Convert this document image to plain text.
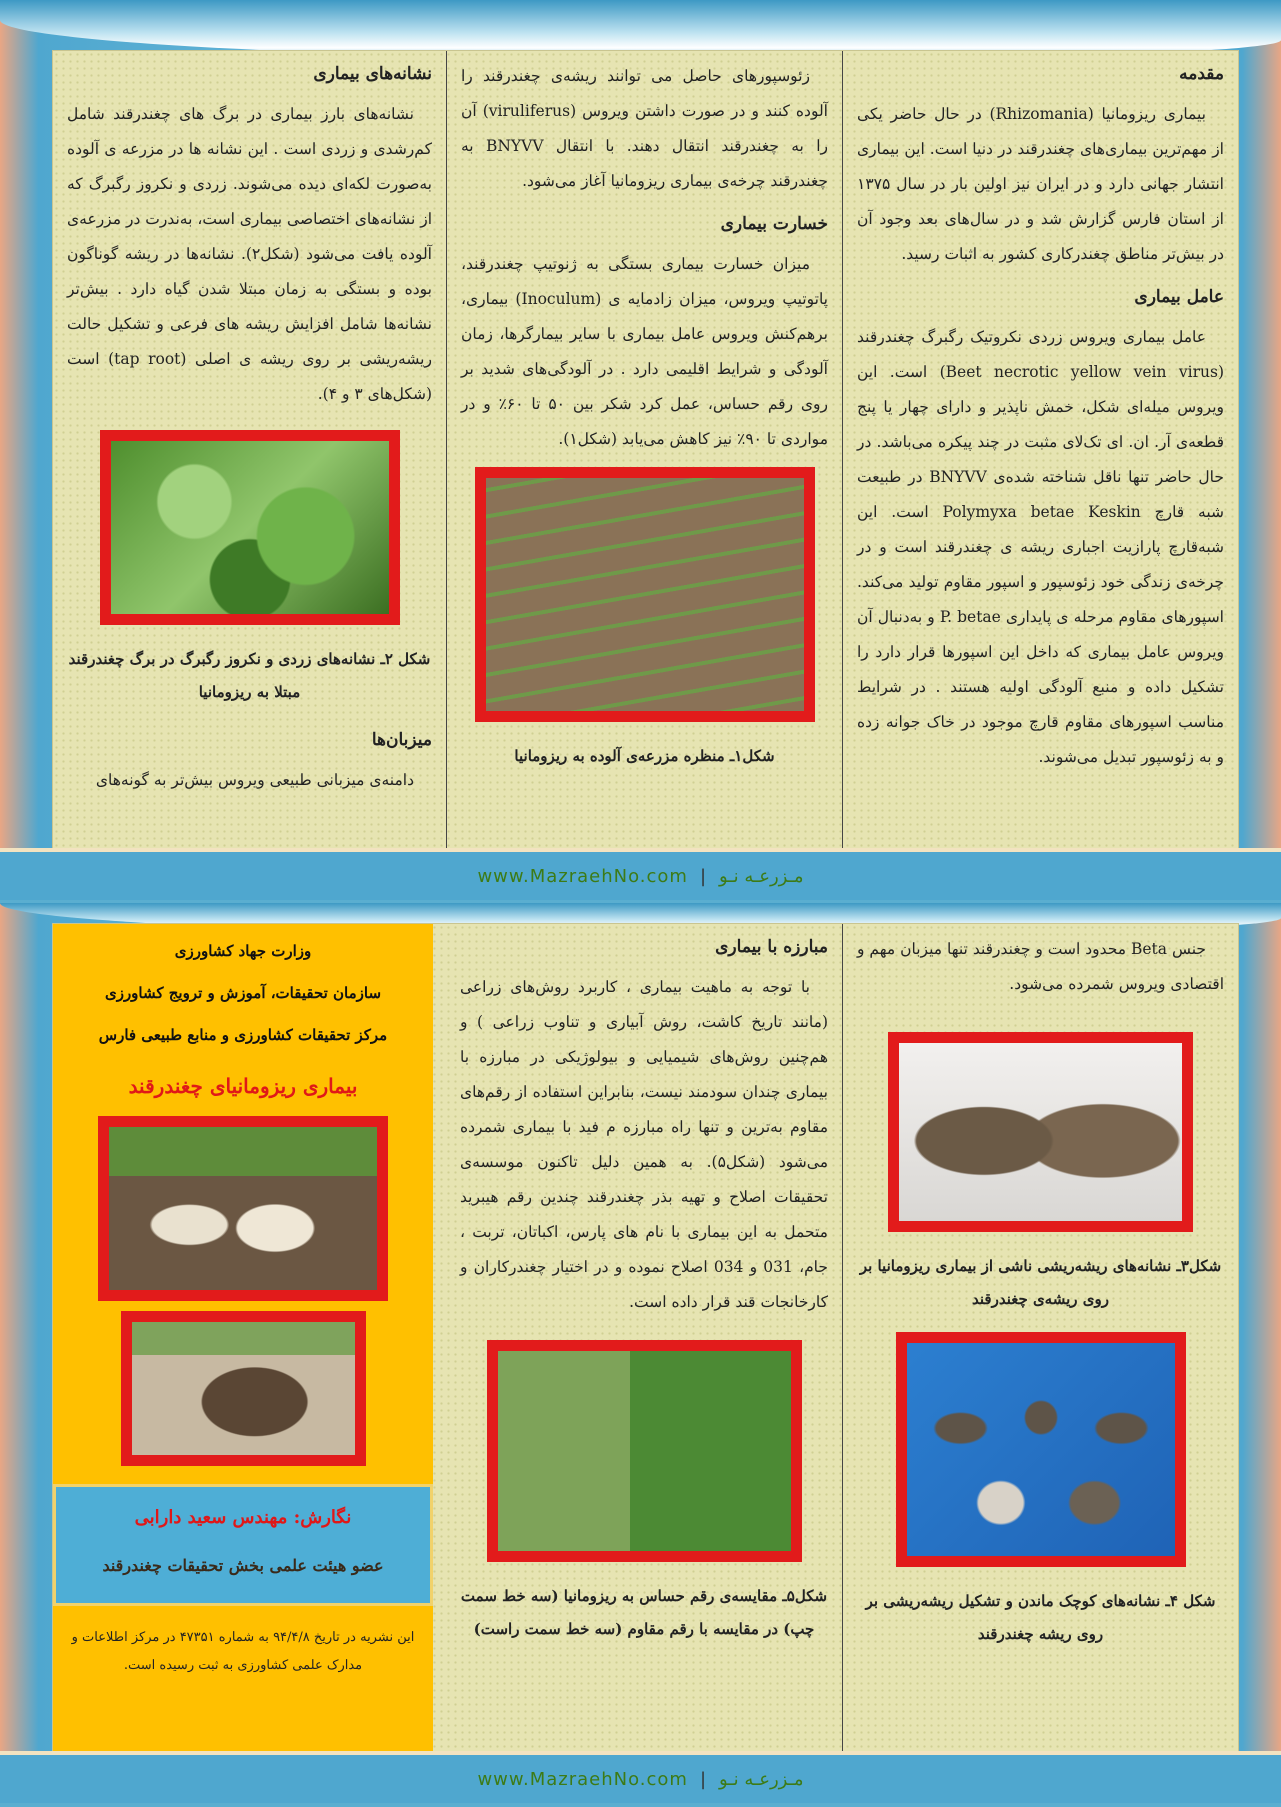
مقدمه

بیماری ریزومانیا (Rhizomania) در حال حاضر یکی از مهم‌ترین بیماری‌های چغندرقند در دنیا است. این بیماری انتشار جهانی دارد و در ایران نیز اولین بار در سال ۱۳۷۵ از استان فارس گزارش شد و در سال‌های بعد وجود آن در بیش‌تر مناطق چغندرکاری کشور به اثبات رسید.

عامل بیماری

عامل بیماری ویروس زردی نکروتیک رگبرگ چغندرقند (Beet necrotic yellow vein virus) است. این ویروس میله‌ای شکل، خمش ناپذیر و دارای چهار یا پنج قطعه‌ی آر. ان. ای تک‌لای مثبت در چند پیکره می‌باشد. در حال حاضر تنها ناقل شناخته شده‌ی BNYVV در طبیعت شبه قارچ Polymyxa betae Keskin است. این شبه‌قارچ پارازیت اجباری ریشه ی چغندرقند است و در چرخه‌ی زندگی خود زئوسپور و اسپور مقاوم تولید می‌کند. اسپورهای مقاوم مرحله ی پایداری P. betae و به‌دنبال آن ویروس عامل بیماری که داخل این اسپورها قرار دارد را تشکیل داده و منبع آلودگی اولیه هستند . در شرایط مناسب اسپورهای مقاوم قارچ موجود در خاک جوانه زده و به زئوسپور تبدیل می‌شوند.

زئوسپورهای حاصل می توانند ریشه‌ی چغندرقند را آلوده کنند و در صورت داشتن ویروس (viruliferus) آن را به چغندرقند انتقال دهند. با انتقال BNYVV به چغندرقند چرخه‌ی بیماری ریزومانیا آغاز می‌شود.

خسارت بیماری

میزان خسارت بیماری بستگی به ژنوتیپ چغندرقند، پاتوتیپ ویروس، میزان زادمایه ی (Inoculum) بیماری، برهم‌کنش ویروس عامل بیماری با سایر بیمارگرها، زمان آلودگی و شرایط اقلیمی دارد . در آلودگی‌های شدید بر روی رقم حساس، عمل کرد شکر بین ۵۰ تا ۶۰٪ و در مواردی تا ۹۰٪ نیز کاهش می‌یابد (شکل۱).

شکل۱ـ منظره مزرعه‌ی آلوده به ریزومانیا
نشانه‌های بیماری

نشانه‌های بارز بیماری در برگ های چغندرقند شامل کم‌رشدی و زردی است . این نشانه ها در مزرعه ی آلوده به‌صورت لکه‌ای دیده می‌شوند. زردی و نکروز رگبرگ که از نشانه‌های اختصاصی بیماری است، به‌ندرت در مزرعه‌ی آلوده یافت می‌شود (شکل۲). نشانه‌ها در ریشه گوناگون بوده و بستگی به زمان مبتلا شدن گیاه دارد . بیش‌تر نشانه‌ها شامل افزایش ریشه های فرعی و تشکیل حالت ریشه‌ریشی بر روی ریشه ی اصلی (tap root) است (شکل‌های ۳ و ۴).

شکل ۲ـ نشانه‌های زردی و نکروز رگبرگ در برگ چغندرقند مبتلا به ریزومانیا
میزبان‌ها

دامنه‌ی میزبانی طبیعی ویروس بیش‌تر به گونه‌های

www.MazraehNo.com | مـزرعـه نـو

جنس Beta محدود است و چغندرقند تنها میزبان مهم و اقتصادی ویروس شمرده می‌شود.

شکل۳ـ نشانه‌های ریشه‌ریشی ناشی از بیماری ریزومانیا بر روی ریشه‌ی چغندرقند
شکل ۴ـ نشانه‌های کوچک ماندن و تشکیل ریشه‌ریشی بر روی ریشه چغندرقند
مبارزه با بیماری

با توجه به ماهیت بیماری ، کاربرد روش‌های زراعی (مانند تاریخ کاشت، روش آبیاری و تناوب زراعی ) و هم‌چنین روش‌های شیمیایی و بیولوژیکی در مبارزه با بیماری چندان سودمند نیست، بنابراین استفاده از رقم‌های مقاوم به‌ترین و تنها راه مبارزه م فید با بیماری شمرده می‌شود (شکل۵). به همین دلیل تاکنون موسسه‌ی تحقیقات اصلاح و تهیه بذر چغندرقند چندین رقم هیبرید متحمل به این بیماری با نام های پارس، اکباتان، تربت ، جام، 031 و 034 اصلاح نموده و در اختیار چغندرکاران و کارخانجات قند قرار داده است.

شکل۵ـ مقایسه‌ی رقم حساس به ریزومانیا (سه خط سمت چپ) در مقایسه با رقم مقاوم (سه خط سمت راست)
وزارت جهاد کشاورزی
سازمان تحقیقات، آموزش و ترویج کشاورزی
مرکز تحقیقات کشاورزی و منابع طبیعی فارس
بیماری ریزومانیای چغندرقند
نگارش: مهندس سعید دارابی
عضو هیئت علمی بخش تحقیقات چغندرقند
این نشریه در تاریخ ۹۴/۴/۸ به شماره ۴۷۳۵۱ در مرکز اطلاعات و مدارک علمی کشاورزی به ثبت رسیده است.
www.MazraehNo.com | مـزرعـه نـو
